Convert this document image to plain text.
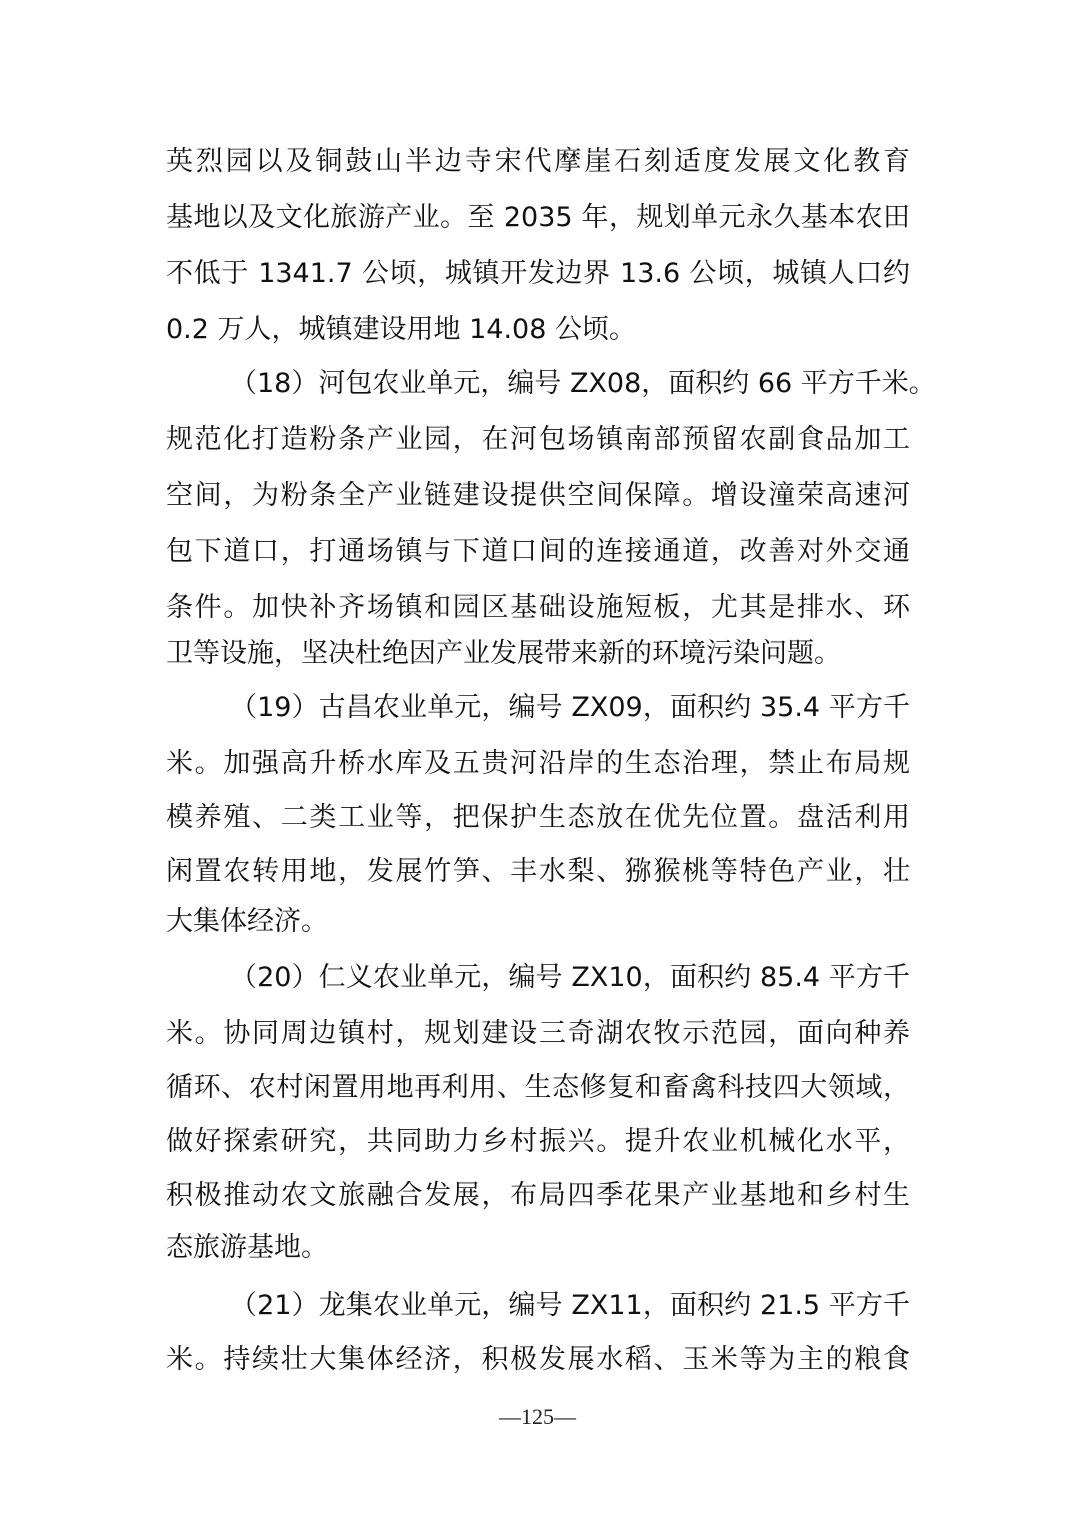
英烈园以及铜鼓山半边寺宋代摩崖石刻适度发展文化教育
基地以及文化旅游产业。至 2035 年，规划单元永久基本农田
不低于 1341.7 公顷，城镇开发边界 13.6 公顷，城镇人口约
0.2 万人，城镇建设用地 14.08 公顷。
（18）河包农业单元，编号 ZX08，面积约 66 平方千米。
规范化打造粉条产业园，在河包场镇南部预留农副食品加工
空间，为粉条全产业链建设提供空间保障。增设潼荣高速河
包下道口，打通场镇与下道口间的连接通道，改善对外交通
条件。加快补齐场镇和园区基础设施短板，尤其是排水、环
卫等设施，坚决杜绝因产业发展带来新的环境污染问题。
（19）古昌农业单元，编号 ZX09，面积约 35.4 平方千
米。加强高升桥水库及五贵河沿岸的生态治理，禁止布局规
模养殖、二类工业等，把保护生态放在优先位置。盘活利用
闲置农转用地，发展竹笋、丰水梨、猕猴桃等特色产业，壮
大集体经济。
（20）仁义农业单元，编号 ZX10，面积约 85.4 平方千
米。协同周边镇村，规划建设三奇湖农牧示范园，面向种养
循环、农村闲置用地再利用、生态修复和畜禽科技四大领域，
做好探索研究，共同助力乡村振兴。提升农业机械化水平，
积极推动农文旅融合发展，布局四季花果产业基地和乡村生
态旅游基地。
（21）龙集农业单元，编号 ZX11，面积约 21.5 平方千
米。持续壮大集体经济，积极发展水稻、玉米等为主的粮食
—125—
